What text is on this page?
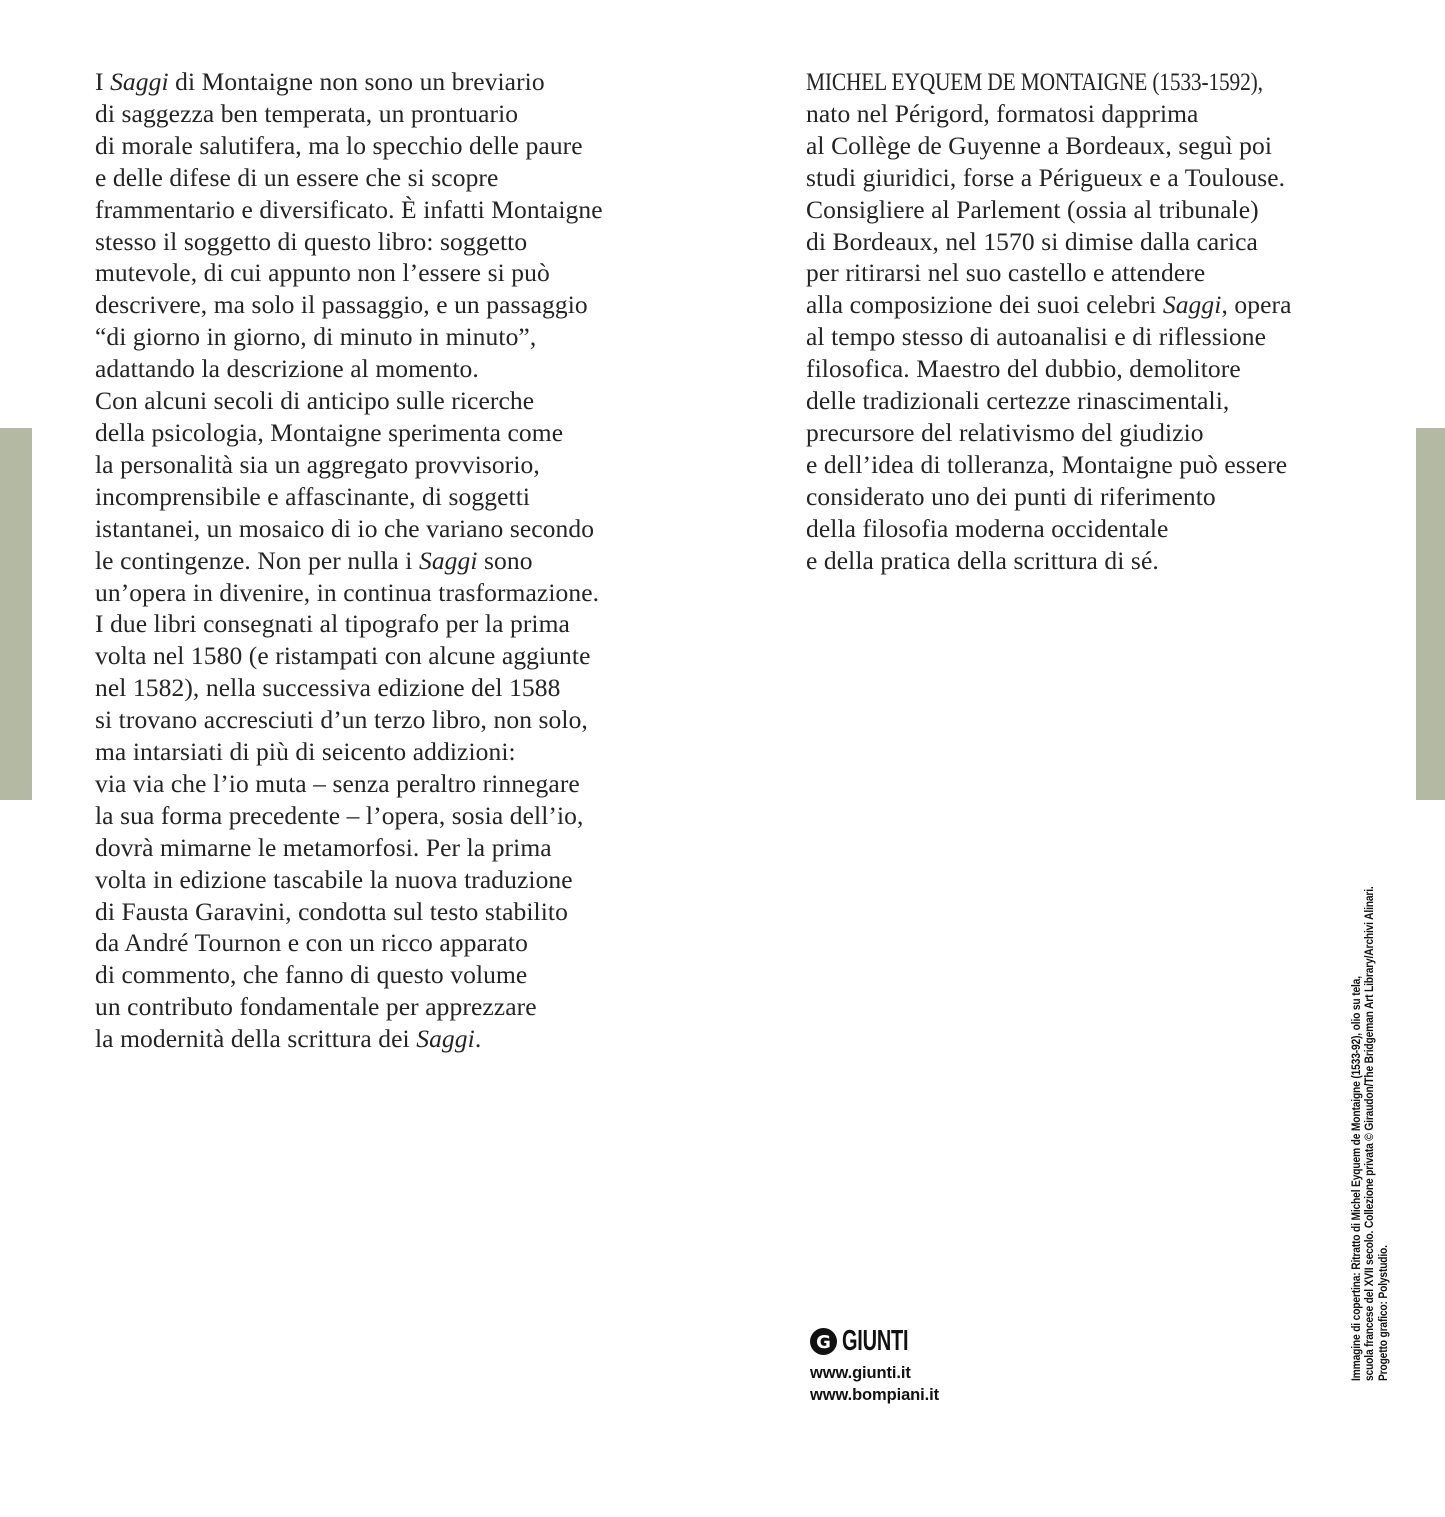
I Saggi di Montaigne non sono un breviario
di saggezza ben temperata, un prontuario
di morale salutifera, ma lo specchio delle paure
e delle difese di un essere che si scopre
frammentario e diversificato. È infatti Montaigne
stesso il soggetto di questo libro: soggetto
mutevole, di cui appunto non l’essere si può
descrivere, ma solo il passaggio, e un passaggio
“di giorno in giorno, di minuto in minuto”,
adattando la descrizione al momento.
Con alcuni secoli di anticipo sulle ricerche
della psicologia, Montaigne sperimenta come
la personalità sia un aggregato provvisorio,
incomprensibile e affascinante, di soggetti
istantanei, un mosaico di io che variano secondo
le contingenze. Non per nulla i Saggi sono
un’opera in divenire, in continua trasformazione.
I due libri consegnati al tipografo per la prima
volta nel 1580 (e ristampati con alcune aggiunte
nel 1582), nella successiva edizione del 1588
si trovano accresciuti d’un terzo libro, non solo,
ma intarsiati di più di seicento addizioni:
via via che l’io muta – senza peraltro rinnegare
la sua forma precedente – l’opera, sosia dell’io,
dovrà mimarne le metamorfosi. Per la prima
volta in edizione tascabile la nuova traduzione
di Fausta Garavini, condotta sul testo stabilito
da André Tournon e con un ricco apparato
di commento, che fanno di questo volume
un contributo fondamentale per apprezzare
la modernità della scrittura dei Saggi.
MICHEL EYQUEM DE MONTAIGNE (1533-1592),
nato nel Périgord, formatosi dapprima
al Collège de Guyenne a Bordeaux, seguì poi
studi giuridici, forse a Périgueux e a Toulouse.
Consigliere al Parlement (ossia al tribunale)
di Bordeaux, nel 1570 si dimise dalla carica
per ritirarsi nel suo castello e attendere
alla composizione dei suoi celebri Saggi, opera
al tempo stesso di autoanalisi e di riflessione
filosofica. Maestro del dubbio, demolitore
delle tradizionali certezze rinascimentali,
precursore del relativismo del giudizio
e dell’idea di tolleranza, Montaigne può essere
considerato uno dei punti di riferimento
della filosofia moderna occidentale
e della pratica della scrittura di sé.
G GIUNTI
www.giunti.it
www.bompiani.it
Immagine di copertina: Ritratto di Michel Eyquem de Montaigne (1533-92), olio su tela, scuola francese del XVII secolo. Collezione privata © Giraudon/The Bridgeman Art Library/Archivi Alinari. Progetto grafico: Polystudio.
